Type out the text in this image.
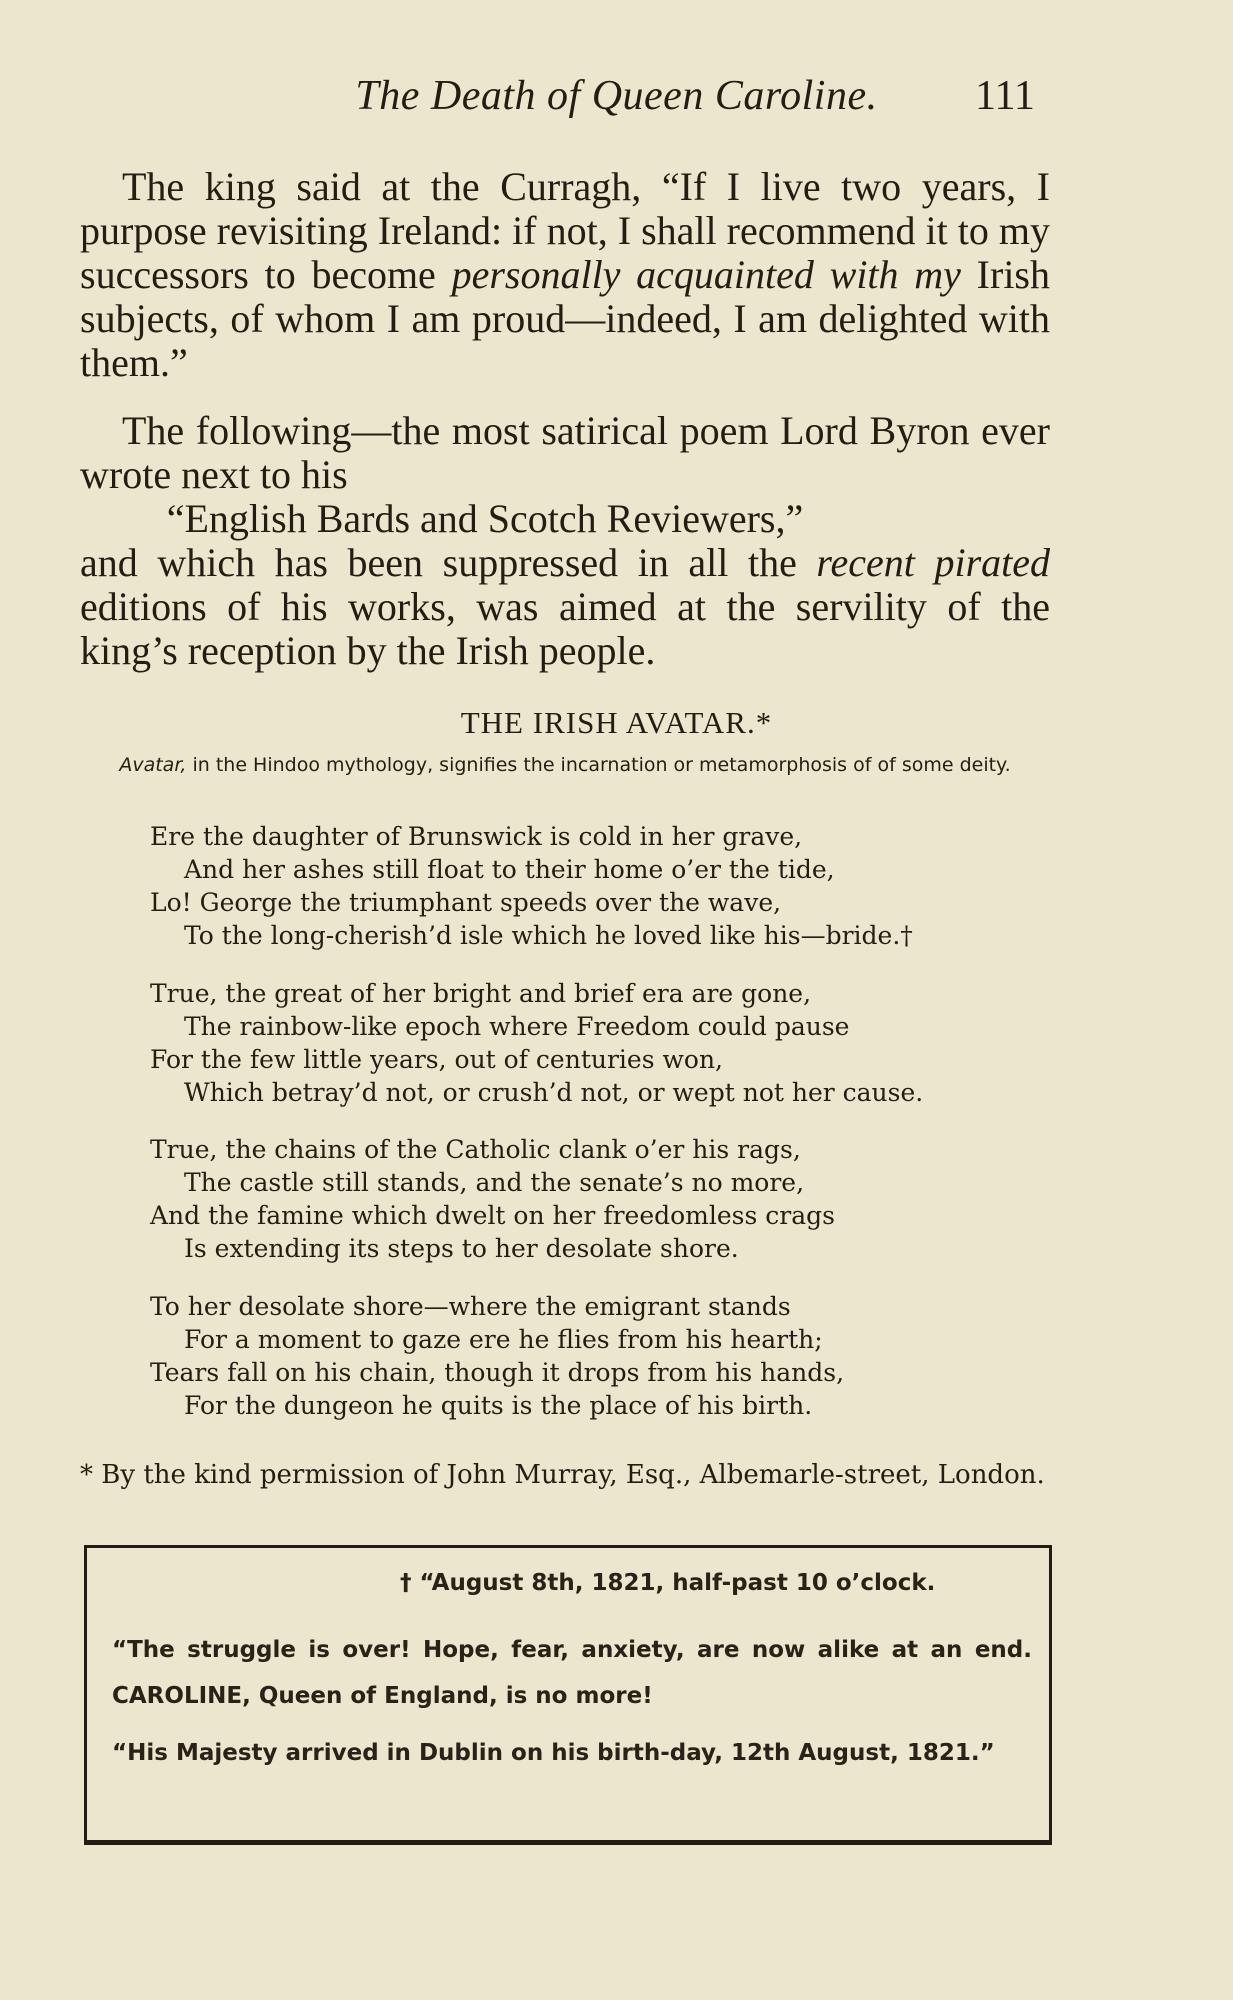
The Death of Queen Caroline.	111

The king said at the Curragh, “If I live two years, I purpose revisiting Ireland: if not, I shall recommend it to my successors to become personally acquainted with my Irish subjects, of whom I am proud—indeed, I am delighted with them.”

The following—the most satirical poem Lord Byron ever wrote next to his
“English Bards and Scotch Reviewers,”
and which has been suppressed in all the recent pirated editions of his works, was aimed at the servility of the king’s reception by the Irish people.

THE IRISH AVATAR.*
Avatar, in the Hindoo mythology, signifies the incarnation or metamorphosis of of some deity.
Ere the daughter of Brunswick is cold in her grave,
And her ashes still float to their home o’er the tide,
Lo! George the triumphant speeds over the wave,
To the long-cherish’d isle which he loved like his—bride.†
True, the great of her bright and brief era are gone,
The rainbow-like epoch where Freedom could pause
For the few little years, out of centuries won,
Which betray’d not, or crush’d not, or wept not her cause.
True, the chains of the Catholic clank o’er his rags,
The castle still stands, and the senate’s no more,
And the famine which dwelt on her freedomless crags
Is extending its steps to her desolate shore.
To her desolate shore—where the emigrant stands
For a moment to gaze ere he flies from his hearth;
Tears fall on his chain, though it drops from his hands,
For the dungeon he quits is the place of his birth.

* By the kind permission of John Murray, Esq., Albemarle-street, London.

† “August 8th, 1821, half-past 10 o’clock.

“The struggle is over! Hope, fear, anxiety, are now alike at an end. CAROLINE, Queen of England, is no more!

“His Majesty arrived in Dublin on his birth-day, 12th August, 1821.”
